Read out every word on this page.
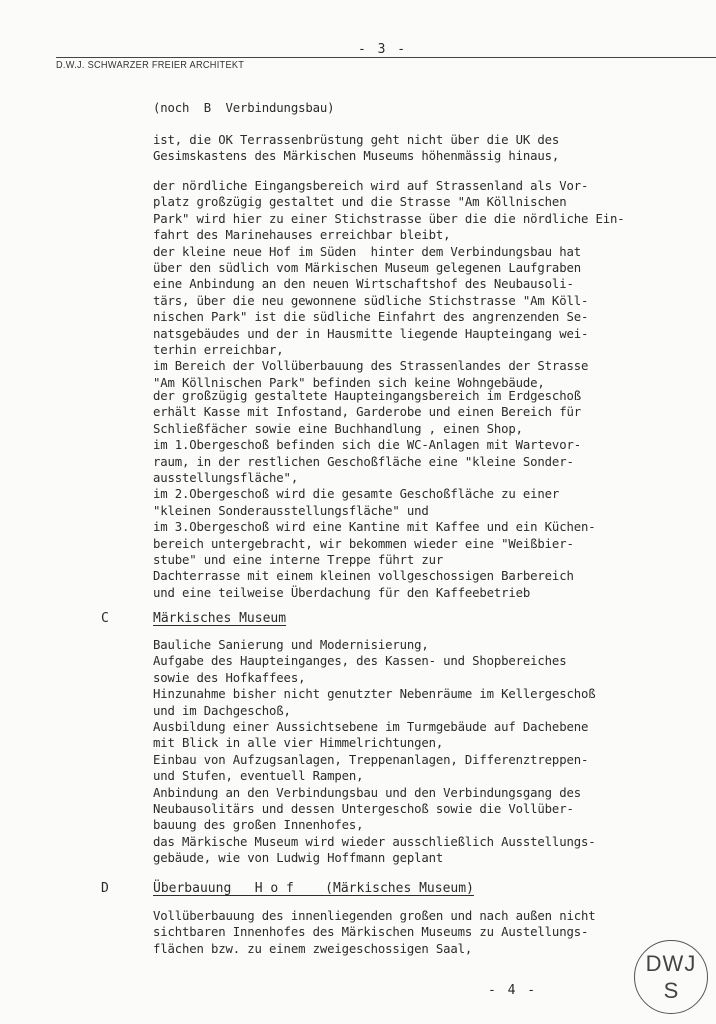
- 3 -
D.W.J. SCHWARZER FREIER ARCHITEKT
(noch  B  Verbindungsbau)
ist, die OK Terrassenbrüstung geht nicht über die UK des
Gesimskastens des Märkischen Museums höhenmässig hinaus,
der nördliche Eingangsbereich wird auf Strassenland als Vor-
platz großzügig gestaltet und die Strasse "Am Köllnischen
Park" wird hier zu einer Stichstrasse über die die nördliche Ein-
fahrt des Marinehauses erreichbar bleibt,
der kleine neue Hof im Süden  hinter dem Verbindungsbau hat
über den südlich vom Märkischen Museum gelegenen Laufgraben
eine Anbindung an den neuen Wirtschaftshof des Neubausoli-
tärs, über die neu gewonnene südliche Stichstrasse "Am Köll-
nischen Park" ist die südliche Einfahrt des angrenzenden Se-
natsgebäudes und der in Hausmitte liegende Haupteingang wei-
terhin erreichbar,
im Bereich der Vollüberbauung des Strassenlandes der Strasse
"Am Köllnischen Park" befinden sich keine Wohngebäude,
der großzügig gestaltete Haupteingangsbereich im Erdgeschoß
erhält Kasse mit Infostand, Garderobe und einen Bereich für
Schließfächer sowie eine Buchhandlung , einen Shop,
im 1.Obergeschoß befinden sich die WC-Anlagen mit Wartevor-
raum, in der restlichen Geschoßfläche eine "kleine Sonder-
ausstellungsfläche",
im 2.Obergeschoß wird die gesamte Geschoßfläche zu einer
"kleinen Sonderausstellungsfläche" und
im 3.Obergeschoß wird eine Kantine mit Kaffee und ein Küchen-
bereich untergebracht, wir bekommen wieder eine "Weißbier-
stube" und eine interne Treppe führt zur
Dachterrasse mit einem kleinen vollgeschossigen Barbereich
und eine teilweise Überdachung für den Kaffeebetrieb
C	Märkisches Museum
Bauliche Sanierung und Modernisierung,
Aufgabe des Haupteinganges, des Kassen- und Shopbereiches
sowie des Hofkaffees,
Hinzunahme bisher nicht genutzter Nebenräume im Kellergeschoß
und im Dachgeschoß,
Ausbildung einer Aussichtsebene im Turmgebäude auf Dachebene
mit Blick in alle vier Himmelrichtungen,
Einbau von Aufzugsanlagen, Treppenanlagen, Differenztreppen-
und Stufen, eventuell Rampen,
Anbindung an den Verbindungsbau und den Verbindungsgang des
Neubausolitärs und dessen Untergeschoß sowie die Vollüber-
bauung des großen Innenhofes,
das Märkische Museum wird wieder ausschließlich Ausstellungs-
gebäude, wie von Ludwig Hoffmann geplant
D	Überbauung   H o f    (Märkisches Museum)
Vollüberbauung des innenliegenden großen und nach außen nicht
sichtbaren Innenhofes des Märkischen Museums zu Austellungs-
flächen bzw. zu einem zweigeschossigen Saal,
- 4 -
DWJ
S
